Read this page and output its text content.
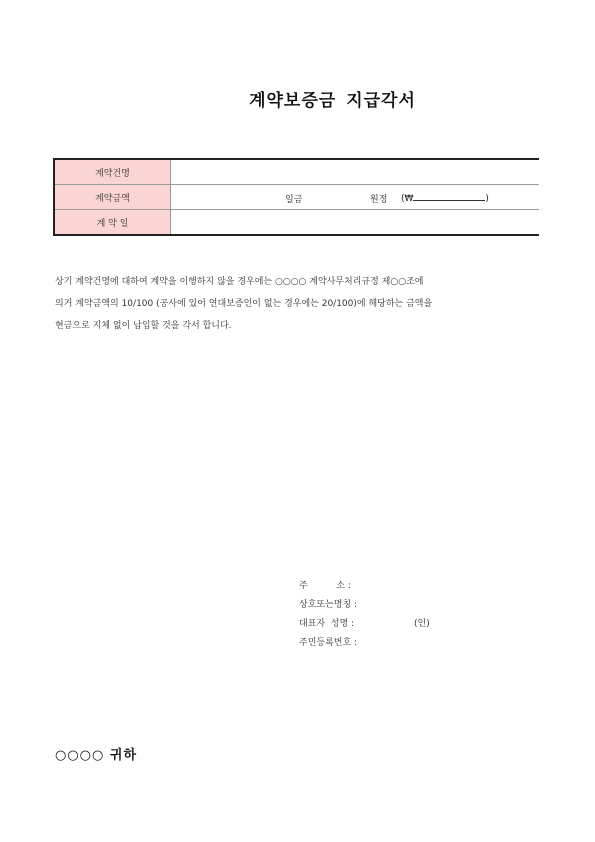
계약보증금 지급각서
계약건명	
계약금액	일금 원정 (₩ )

계 약 일	

상기 계약건명에 대하여 계약을 이행하지 않을 경우에는 ○○○○ 계약사무처리규정 제○○조에

의거 계약금액의 10/100 (공사에 있어 연대보증인이 없는 경우에는 20/100)에 해당하는 금액을

현금으로 지체 없이 납입할 것을 각서 합니다.

주          소 :
상호또는명칭 :
대표자  성명 :	(인)
주민등록번호 :
○○○○ 귀하
